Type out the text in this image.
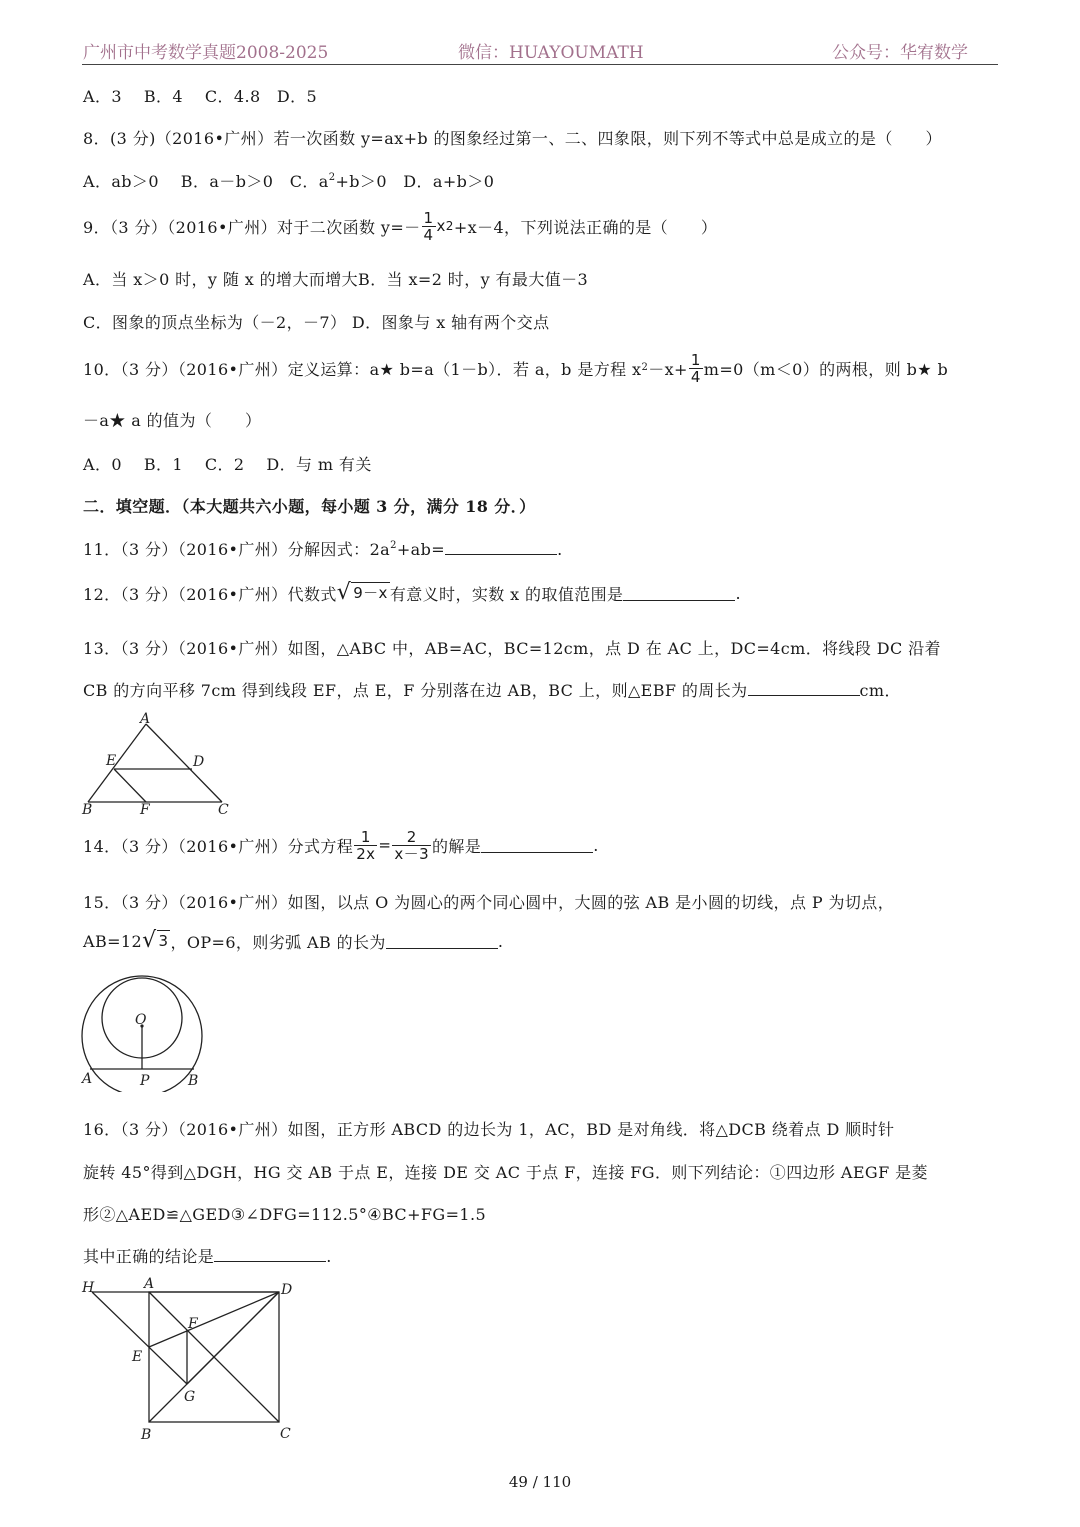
广州市中考数学真题2008-2025	微信：HUAYOUMATH	公众号：华宥数学
A．3　 B．4　 C．4.8　D．5
8．(3 分)（2016•广州）若一次函数 y=ax+b 的图象经过第一、二、四象限，则下列不等式中总是成立的是（　　）
A．ab＞0　 B．a－b＞0　C．$a^2+b>0$　D．a+b＞0
9．（3 分）（2016•广州）对于二次函数 $y=- \frac{1}{4}$ x 2 +x－4，下列说法正确的是（　　）
A．当 x＞0 时，y 随 x 的增大而增大B．当 x=2 时，y 有最大值－3
C．图象的顶点坐标为（－2，－7） D．图象与 x 轴有两个交点
10．（3 分）（2016•广州）定义运算：a★ b=a（1－b）．若 a，b 是方程 x $2 -x+ \frac{1}{4} m=0(m<0)$的两根，则 b★ b
－a★ a 的值为（　　）
A．0　 B．1　 C．2　 D．与 m 有关
二．填空题．（本大题共六小题，每小题 3 分，满分 18 分．）
11．（3 分）（2016•广州）分解因式：$2a^2+ab=$	.
12．（3 分）（2016•广州）代数式 √ 9－x 有意义时，实数 x 的取值范围是	.
13．（3 分）（2016•广州）如图，△ABC 中，AB=AC，BC=12cm，点 D 在 AC 上，DC=4cm．将线段 DC 沿着
CB 的方向平移 7cm 得到线段 EF，点 E，F 分别落在边 AB，BC 上，则△EBF 的周长为	cm．
A
E	D
B	F	C
14．（3 分）（2016•广州）分式方程 $\frac{1}{2x} = \frac{2}{x-3}$ 的解是	.
15．（3 分）（2016•广州）如图，以点 O 为圆心的两个同心圆中，大圆的弦 AB 是小圆的切线，点 P 为切点，
AB=12 √ 3 ，OP=6，则劣弧 AB 的长为	.
O
A	P	B
16．（3 分）（2016•广州）如图，正方形 ABCD 的边长为 1，AC，BD 是对角线．将△DCB 绕着点 D 顺时针
旋转 45°得到△DGH，HG 交 AB 于点 E，连接 DE 交 AC 于点 F，连接 FG．则下列结论：①四边形 AEGF 是菱
形②△AED≌△GED③∠DFG=112.5°④BC+FG=1.5
其中正确的结论是	.
H	A	D
F
E
G
B	C
49 / 110
